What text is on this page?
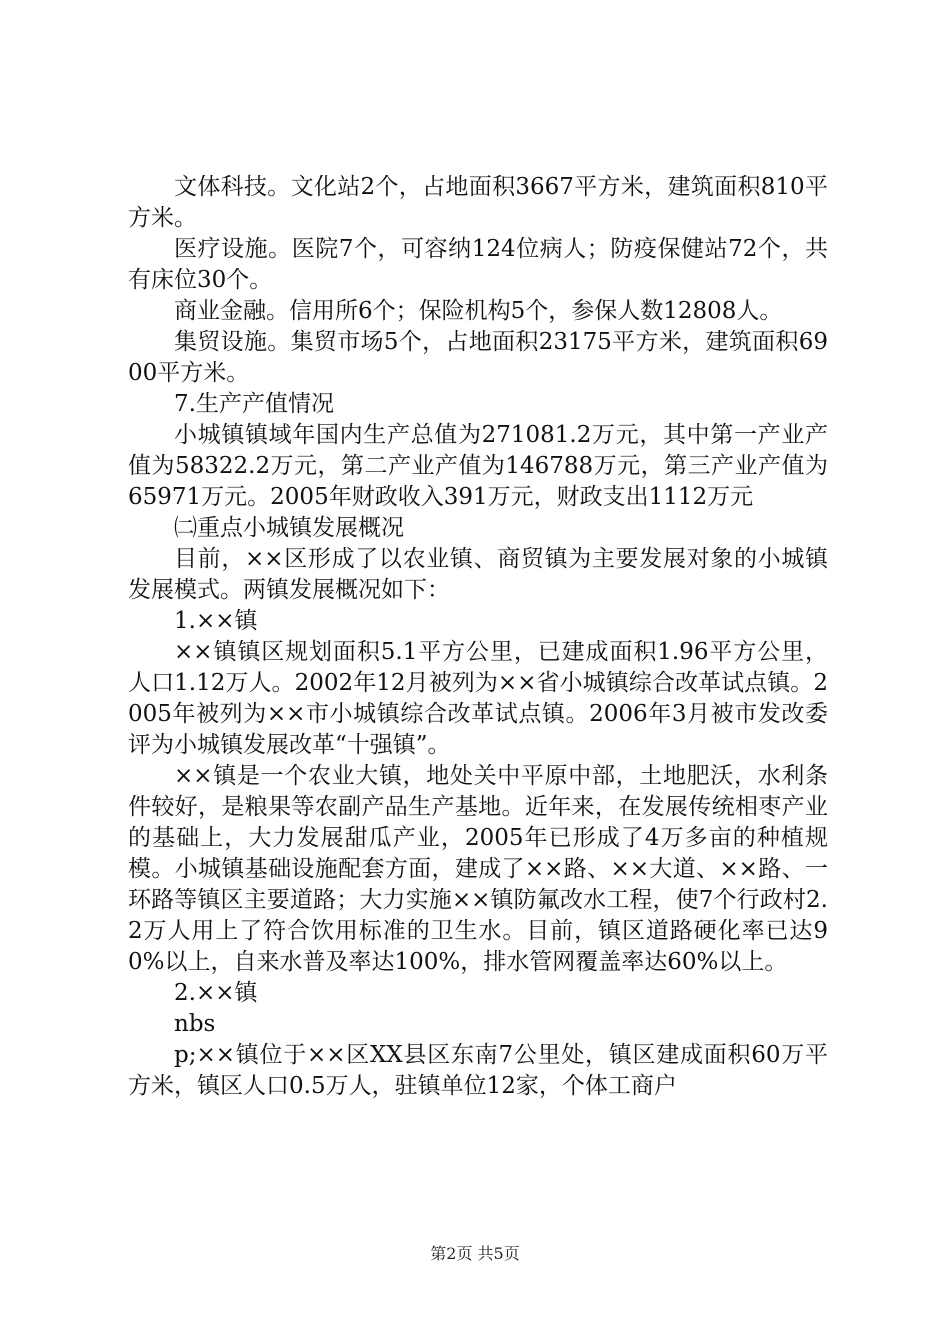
文体科技。文化站2个，占地面积3667平方米，建筑面积810平方米。

医疗设施。医院7个，可容纳124位病人；防疫保健站72个，共有床位30个。

商业金融。信用所6个；保险机构5个，参保人数12808人。

集贸设施。集贸市场5个，占地面积23175平方米，建筑面积6900平方米。

7.生产产值情况

小城镇镇域年国内生产总值为271081.2万元，其中第一产业产值为58322.2万元，第二产业产值为146788万元，第三产业产值为65971万元。2005年财政收入391万元，财政支出1112万元

㈡重点小城镇发展概况

目前，××区形成了以农业镇、商贸镇为主要发展对象的小城镇发展模式。两镇发展概况如下：

1.××镇

××镇镇区规划面积5.1平方公里，已建成面积1.96平方公里，人口1.12万人。2002年12月被列为××省小城镇综合改革试点镇。2005年被列为××市小城镇综合改革试点镇。2006年3月被市发改委评为小城镇发展改革“十强镇”。

××镇是一个农业大镇，地处关中平原中部，土地肥沃，水利条件较好，是粮果等农副产品生产基地。近年来，在发展传统相枣产业的基础上，大力发展甜瓜产业，2005年已形成了4万多亩的种植规模。小城镇基础设施配套方面，建成了××路、××大道、××路、一环路等镇区主要道路；大力实施××镇防氟改水工程，使7个行政村2.2万人用上了符合饮用标准的卫生水。目前，镇区道路硬化率已达90%以上，自来水普及率达100%，排水管网覆盖率达60%以上。

2.××镇

nbs

p;××镇位于××区XX县区东南7公里处，镇区建成面积60万平方米，镇区人口0.5万人，驻镇单位12家，个体工商户

第2页 共5页
